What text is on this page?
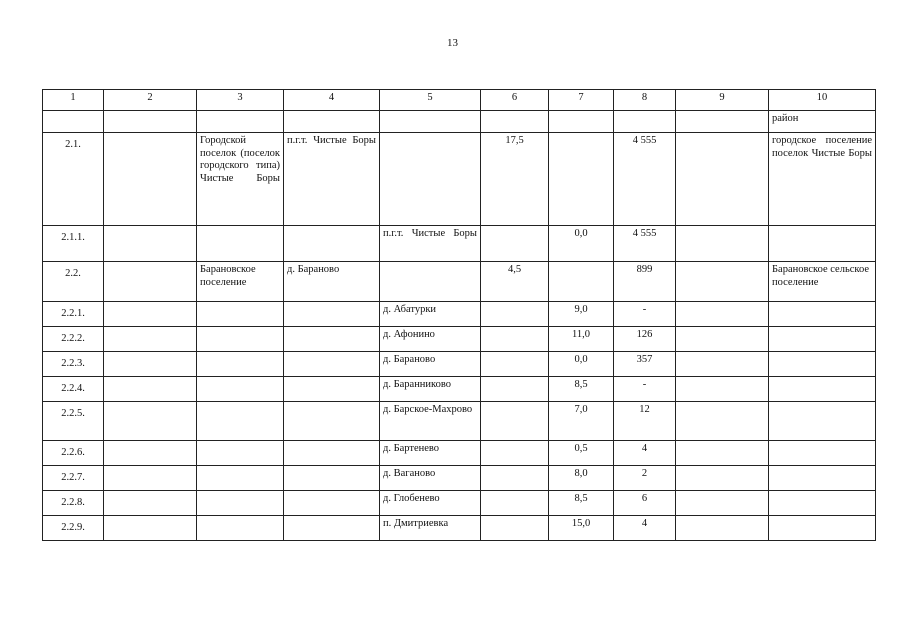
13
1	2	3	4	5	6	7	8	9	10
									район
2.1.		Городской поселок (поселок городского типа) Чистые Боры	п.г.т. Чистые Боры		17,5		4 555		городское поселение поселок Чистые Боры
2.1.1.				п.г.т. Чистые Боры		0,0	4 555		
2.2.		Барановское поселение	д. Бараново		4,5		899		Барановское сельское поселение
2.2.1.				д. Абатурки		9,0	-		
2.2.2.				д. Афонино		11,0	126		
2.2.3.				д. Бараново		0,0	357		
2.2.4.				д. Баранниково		8,5	-		
2.2.5.				д. Барское-Махрово		7,0	12		
2.2.6.				д. Бартенево		0,5	4		
2.2.7.				д. Ваганово		8,0	2		
2.2.8.				д. Глобенево		8,5	6		
2.2.9.				п. Дмитриевка		15,0	4		
